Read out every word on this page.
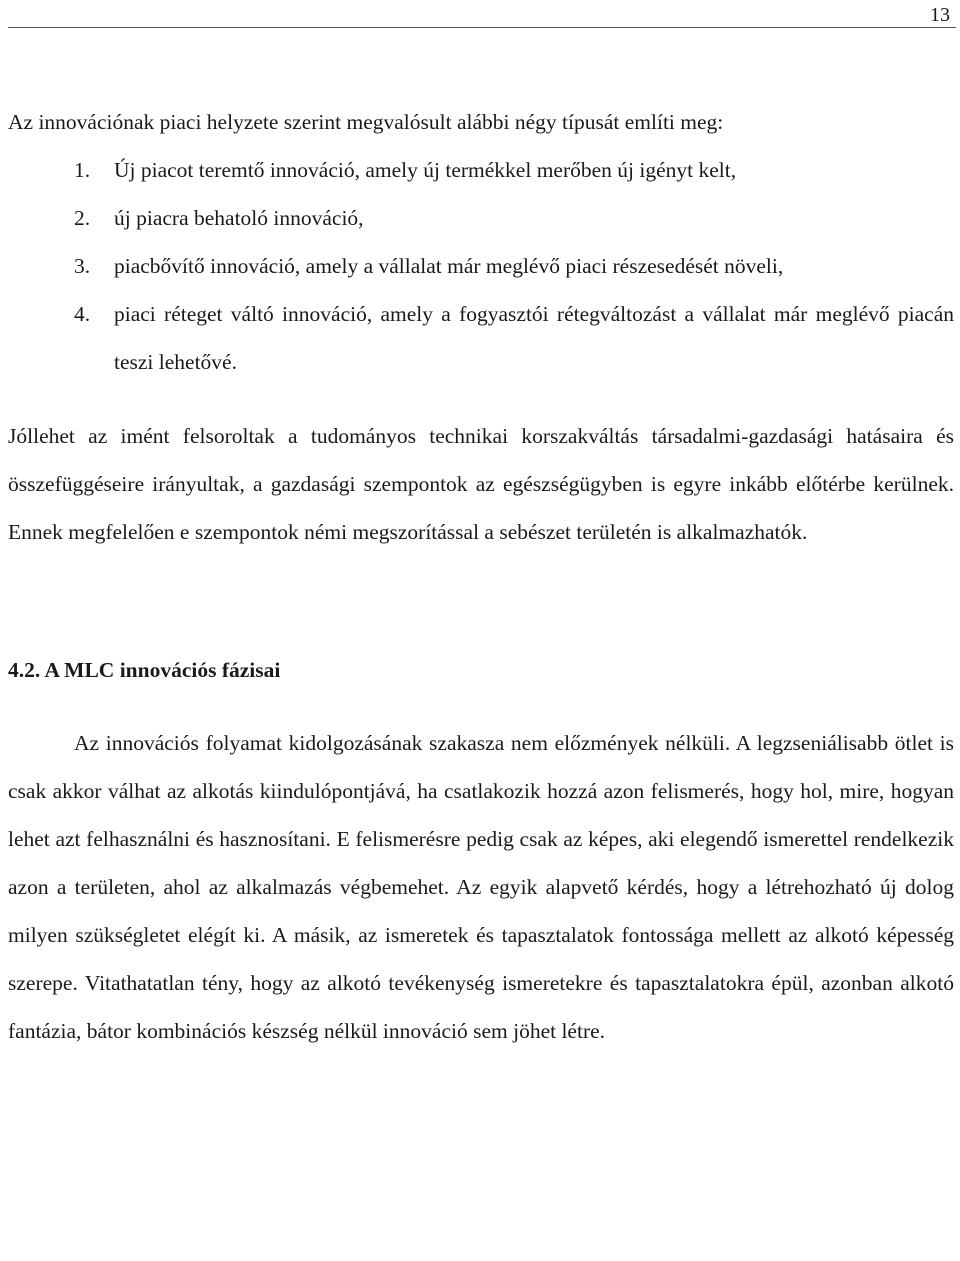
13

Az innovációnak piaci helyzete szerint megvalósult alábbi négy típusát említi meg:

1. Új piacot teremtő innováció, amely új termékkel merőben új igényt kelt,
2. új piacra behatoló innováció,
3. piacbővítő innováció, amely a vállalat már meglévő piaci részesedését növeli,
4. piaci réteget váltó innováció, amely a fogyasztói rétegváltozást a vállalat már meglévő piacán teszi lehetővé.

Jóllehet az imént felsoroltak a tudományos technikai korszakváltás társadalmi-gazdasági hatásaira és összefüggéseire irányultak, a gazdasági szempontok az egészségügyben is egyre inkább előtérbe kerülnek. Ennek megfelelően e szempontok némi megszorítással a sebészet területén is alkalmazhatók.

4.2. A MLC innovációs fázisai

Az innovációs folyamat kidolgozásának szakasza nem előzmények nélküli. A legzseniálisabb ötlet is csak akkor válhat az alkotás kiindulópontjává, ha csatlakozik hozzá azon felismerés, hogy hol, mire, hogyan lehet azt felhasználni és hasznosítani. E felismerésre pedig csak az képes, aki elegendő ismerettel rendelkezik azon a területen, ahol az alkalmazás végbemehet. Az egyik alapvető kérdés, hogy a létrehozható új dolog milyen szükségletet elégít ki. A másik, az ismeretek és tapasztalatok fontossága mellett az alkotó képesség szerepe. Vitathatatlan tény, hogy az alkotó tevékenység ismeretekre és tapasztalatokra épül, azonban alkotó fantázia, bátor kombinációs készség nélkül innováció sem jöhet létre.
